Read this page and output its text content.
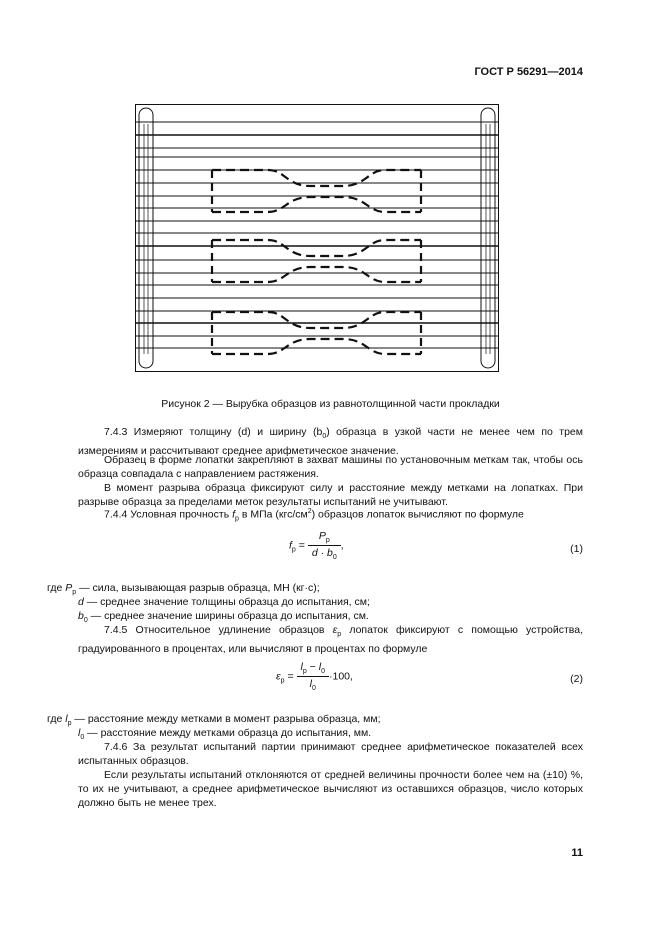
ГОСТ Р 56291—2014
Рисунок 2 — Вырубка образцов из равнотолщинной части прокладки
7.4.3 Измеряют толщину (d) и ширину $(b_0)$ образца в узкой части не менее чем по трем измерениям и рассчитывают среднее арифметическое значение.
Образец в форме лопатки закрепляют в захват машины по установочным меткам так, чтобы ось образца совпадала с направлением растяжения.
В момент разрыва образца фиксируют силу и расстояние между метками на лопатках. При разрыве образца за пределами меток результаты испытаний не учитывают.
7.4.4 Условная прочность $f_р$ в МПа $(кгс/см^2)$ образцов лопаток вычисляют по формуле
$f_p = \frac{P_p}{d \cdot b_0}$ ,	(1)
где $P_р$ — сила, вызывающая разрыв образца, МН (кг·с);
d — среднее значение толщины образца до испытания, см;
$b_0$ — среднее значение ширины образца до испытания, см.
7.4.5 Относительное удлинение образцов $\varepsilon_р$ лопаток фиксируют с помощью устройства, градуированного в процентах, или вычисляют в процентах по формуле
$\varepsilon_p = \frac{l_p - l_0}{l_0} \cdot 100$,	(2)
где $l_р$ — расстояние между метками в момент разрыва образца, мм;
$l_0$ — расстояние между метками образца до испытания, мм.
7.4.6 За результат испытаний партии принимают среднее арифметическое показателей всех испытанных образцов.
Если результаты испытаний отклоняются от средней величины прочности более чем на (±10) %, то их не учитывают, а среднее арифметическое вычисляют из оставшихся образцов, число которых должно быть не менее трех.
11
